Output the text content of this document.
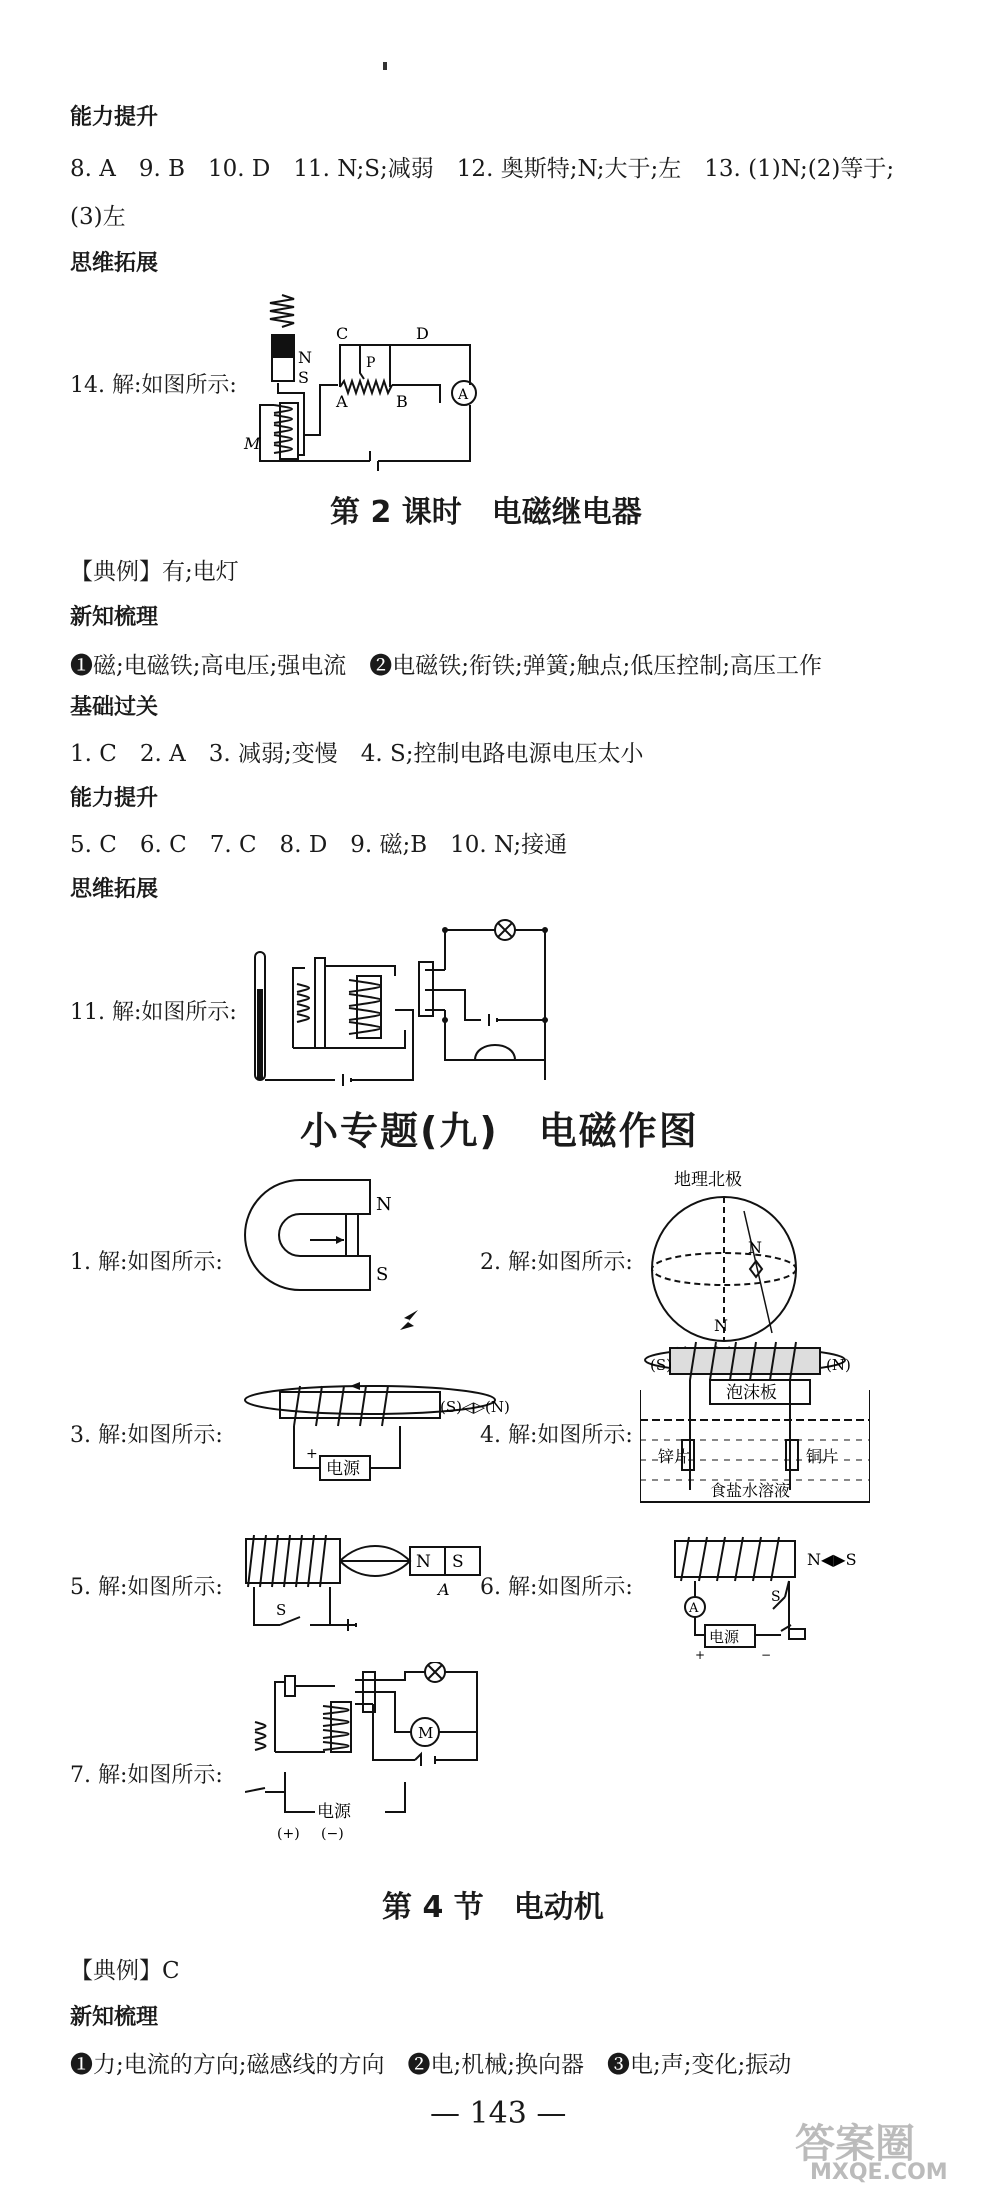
能力提升
8. A　9. B　10. D　11. N;S;减弱　12. 奥斯特;N;大于;左　13. (1)N;(2)等于;
(3)左
思维拓展
14. 解:如图所示:
N
S
C	D
P
A	B	A
M
第 2 课时　电磁继电器
【典例】有;电灯
新知梳理
❶磁;电磁铁;高电压;强电流　❷电磁铁;衔铁;弹簧;触点;低压控制;高压工作
基础过关
1. C　2. A　3. 减弱;变慢　4. S;控制电路电源电压太小
能力提升
5. C　6. C　7. C　8. D　9. 磁;B　10. N;接通
思维拓展
11. 解:如图所示:
小专题(九)　电磁作图
1. 解:如图所示:
N
S	2. 解:如图所示:
地理北极
N
N
3. 解:如图所示:
+
电源
(S)◁▷(N)
4. 解:如图所示:
(S)	(N)
泡沫板
锌片	铜片
食盐水溶液
5. 解:如图所示:
N S
A
S
6. 解:如图所示:
N◀▶S
A
S
电源
+	−
7. 解:如图所示:
M
电源
(+) (−)
第 4 节　电动机
【典例】C
新知梳理
❶力;电流的方向;磁感线的方向　❷电;机械;换向器　❸电;声;变化;振动
— 143 —
答案圈
MXQE.COM
